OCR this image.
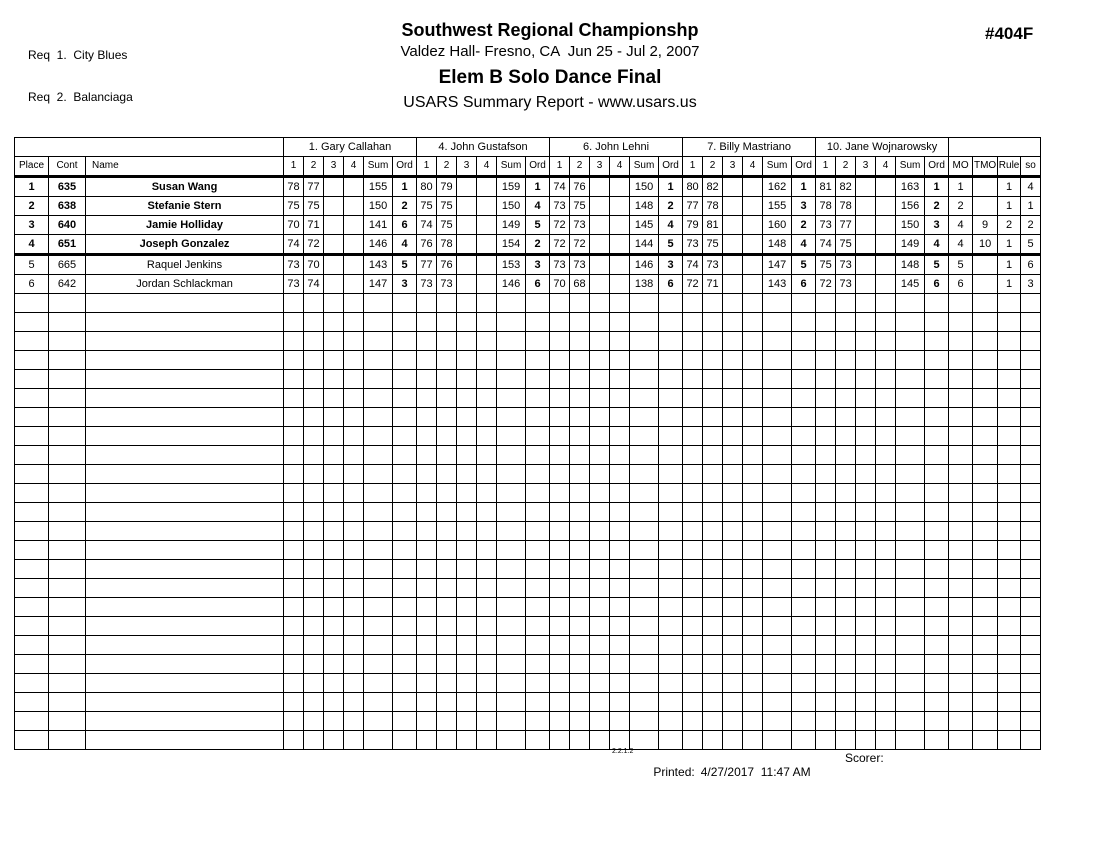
Req  1.  City Blues

Req  2.  Balanciaga

Southwest Regional Championshp
Valdez Hall- Fresno, CA  Jun 25 - Jul 2, 2007
Elem B Solo Dance Final
USARS Summary Report - www.usars.us
#404F
			1. Gary Callahan						4. John Gustafson						6. John Lehni						7. Billy Mastriano						10. Jane Wojnarowsky									
Place	Cont	Name	1	2	3	4	Sum	Ord	1	2	3	4	Sum	Ord	1	2	3	4	Sum	Ord	1	2	3	4	Sum	Ord	1	2	3	4	Sum	Ord	MO	TMO	Rule	so
1	635	Susan Wang	78	77			155	1	80	79			159	1	74	76			150	1	80	82			162	1	81	82			163	1	1		1	4
2	638	Stefanie Stern	75	75			150	2	75	75			150	4	73	75			148	2	77	78			155	3	78	78			156	2	2		1	1
3	640	Jamie Holliday	70	71			141	6	74	75			149	5	72	73			145	4	79	81			160	2	73	77			150	3	4	9	2	2
4	651	Joseph Gonzalez	74	72			146	4	76	78			154	2	72	72			144	5	73	75			148	4	74	75			149	4	4	10	1	5
5	665	Raquel Jenkins	73	70			143	5	77	76			153	3	73	73			146	3	74	73			147	5	75	73			148	5	5		1	6
6	642	Jordan Schlackman	73	74			147	3	73	73			146	6	70	68			138	6	72	71			143	6	72	73			145	6	6		1	3

2.2.1.2

Printed: 4/27/2017  11:47 AM

Scorer:
